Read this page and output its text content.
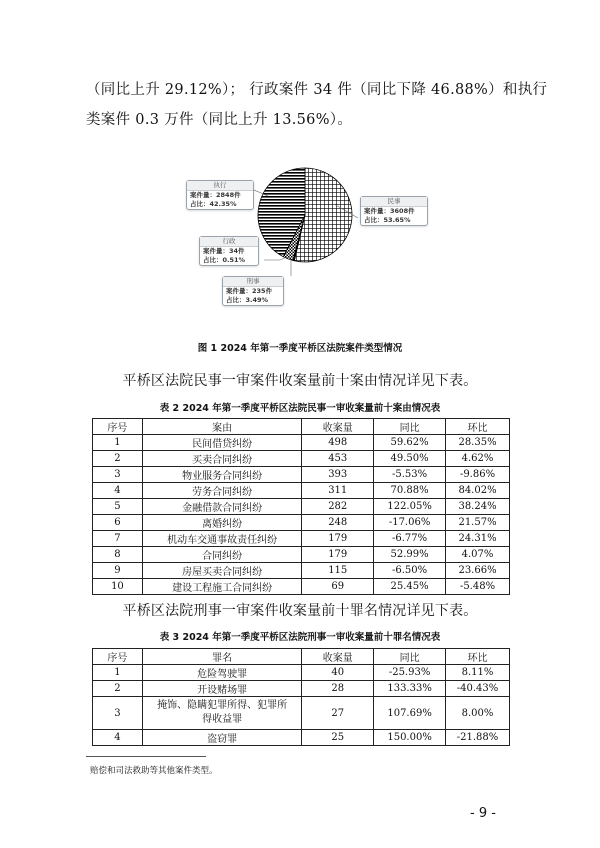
（同比上升 29.12%）； 行政案件 34 件（同比下降 46.88%）和执行
类案件 0.3 万件（同比上升 13.56%）。
执行
案件量：2848件
占比：42.35%	民事
案件量：3608件
占比：53.65%
行政
案件量：34件
占比：0.51%
刑事
案件量：235件
占比：3.49%
图 1 2024 年第一季度平桥区法院案件类型情况
平桥区法院民事一审案件收案量前十案由情况详见下表。
表 2 2024 年第一季度平桥区法院民事一审收案量前十案由情况表
序号	案由	收案量	同比	环比
1	民间借贷纠纷	498	59.62%	28.35%
2	买卖合同纠纷	453	49.50%	4.62%
3	物业服务合同纠纷	393	-5.53%	-9.86%
4	劳务合同纠纷	311	70.88%	84.02%
5	金融借款合同纠纷	282	122.05%	38.24%
6	离婚纠纷	248	-17.06%	21.57%
7	机动车交通事故责任纠纷	179	-6.77%	24.31%
8	合同纠纷	179	52.99%	4.07%
9	房屋买卖合同纠纷	115	-6.50%	23.66%
10	建设工程施工合同纠纷	69	25.45%	-5.48%
平桥区法院刑事一审案件收案量前十罪名情况详见下表。
表 3 2024 年第一季度平桥区法院刑事一审收案量前十罪名情况表
序号	罪名	收案量	同比	环比
1	危险驾驶罪	40	-25.93%	8.11%
2	开设赌场罪	28	133.33%	-40.43%
3	掩饰、隐瞒犯罪所得、犯罪所
得收益罪	27	107.69%	8.00%
4	盗窃罪	25	150.00%	-21.88%
赔偿和司法救助等其他案件类型。
- 9 -
